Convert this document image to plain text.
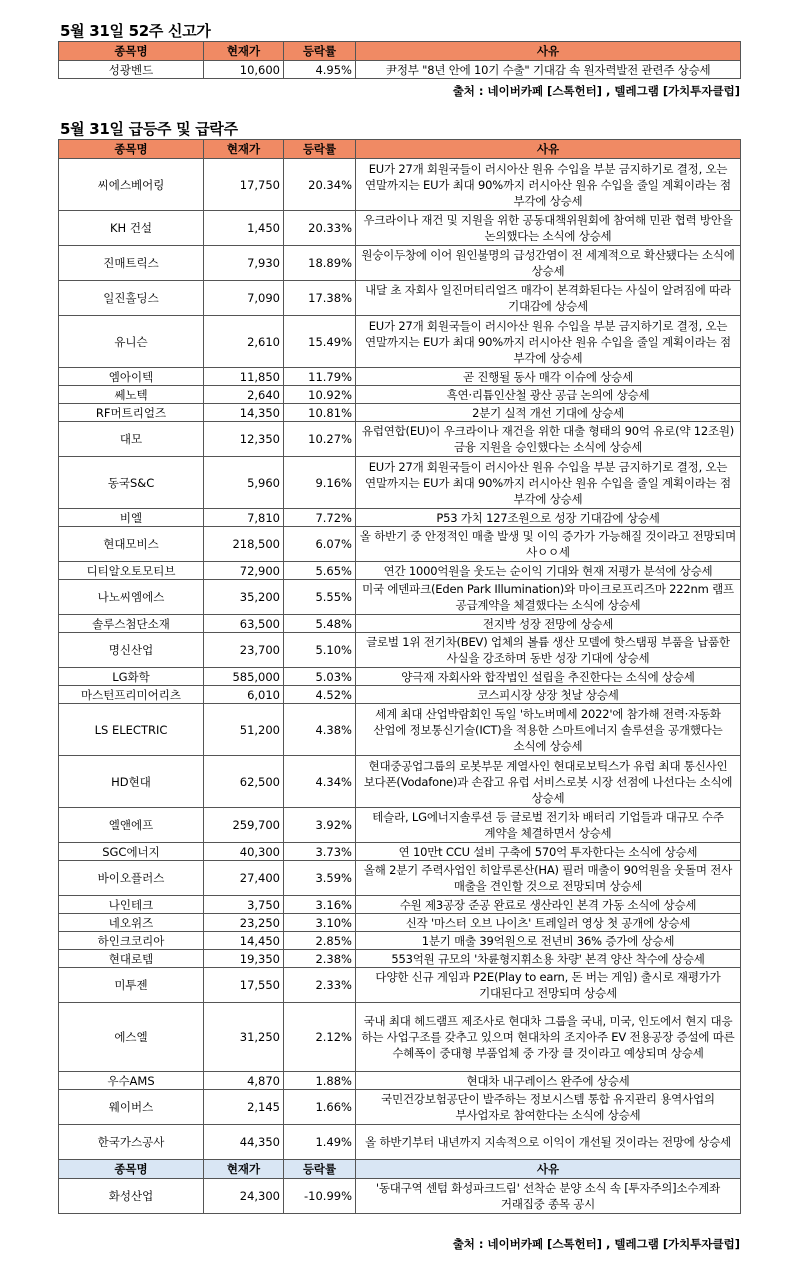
5월 31일 52주 신고가
종목명	현재가	등락률	사유
성광벤드	10,600	4.95%	尹정부 "8년 안에 10기 수출" 기대감 속 원자력발전 관련주 상승세
출처 : 네이버카페 [스톡헌터] , 텔레그램 [가치투자클럽]
5월 31일 급등주 및 급락주
종목명	현재가	등락률	사유
씨에스베어링	17,750	20.34%	EU가 27개 회원국들이 러시아산 원유 수입을 부분 금지하기로 결정, 오는 연말까지는 EU가 최대 90%까지 러시아산 원유 수입을 줄일 계획이라는 점 부각에 상승세
KH 건설	1,450	20.33%	우크라이나 재건 및 지원을 위한 공동대책위원회에 참여해 민관 협력 방안을 논의했다는 소식에 상승세
진매트릭스	7,930	18.89%	원숭이두창에 이어 원인불명의 급성간염이 전 세계적으로 확산됐다는 소식에 상승세
일진홀딩스	7,090	17.38%	내달 초 자회사 일진머티리얼즈 매각이 본격화된다는 사실이 알려짐에 따라 기대감에 상승세
유니슨	2,610	15.49%	EU가 27개 회원국들이 러시아산 원유 수입을 부분 금지하기로 결정, 오는 연말까지는 EU가 최대 90%까지 러시아산 원유 수입을 줄일 계획이라는 점 부각에 상승세
엠아이텍	11,850	11.79%	곧 진행될 동사 매각 이슈에 상승세
쎄노텍	2,640	10.92%	흑연·리튬인산철 광산 공급 논의에 상승세
RF머트리얼즈	14,350	10.81%	2분기 실적 개선 기대에 상승세
대모	12,350	10.27%	유럽연합(EU)이 우크라이나 재건을 위한 대출 형태의 90억 유로(약 12조원) 금융 지원을 승인했다는 소식에 상승세
동국S&C	5,960	9.16%	EU가 27개 회원국들이 러시아산 원유 수입을 부분 금지하기로 결정, 오는 연말까지는 EU가 최대 90%까지 러시아산 원유 수입을 줄일 계획이라는 점 부각에 상승세
비엘	7,810	7.72%	P53 가치 127조원으로 성장 기대감에 상승세
현대모비스	218,500	6.07%	올 하반기 중 안정적인 매출 발생 및 이익 증가가 가능해질 것이라고 전망되며 사ㅇㅇ세
디티알오토모티브	72,900	5.65%	연간 1000억원을 웃도는 순이익 기대와 현재 저평가 분석에 상승세
나노씨엠에스	35,200	5.55%	미국 에덴파크(Eden Park Illumination)와 마이크로프리즈마 222nm 램프 공급계약을 체결했다는 소식에 상승세
솔루스첨단소재	63,500	5.48%	전지박 성장 전망에 상승세
명신산업	23,700	5.10%	글로벌 1위 전기차(BEV) 업체의 볼륨 생산 모델에 핫스탬핑 부품을 납품한 사실을 강조하며 동반 성장 기대에 상승세
LG화학	585,000	5.03%	양극재 자회사와 합작법인 설립을 추진한다는 소식에 상승세
마스턴프리미어리츠	6,010	4.52%	코스피시장 상장 첫날 상승세
LS ELECTRIC	51,200	4.38%	세계 최대 산업박람회인 독일 '하노버메세 2022'에 참가해 전력·자동화 산업에 정보통신기술(ICT)을 적용한 스마트에너지 솔루션을 공개했다는 소식에 상승세
HD현대	62,500	4.34%	현대중공업그룹의 로봇부문 계열사인 현대로보틱스가 유럽 최대 통신사인 보다폰(Vodafone)과 손잡고 유럽 서비스로봇 시장 선점에 나선다는 소식에 상승세
엘앤에프	259,700	3.92%	테슬라, LG에너지솔루션 등 글로벌 전기차 배터리 기업들과 대규모 수주 계약을 체결하면서 상승세
SGC에너지	40,300	3.73%	연 10만t CCU 설비 구축에 570억 투자한다는 소식에 상승세
바이오플러스	27,400	3.59%	올해 2분기 주력사업인 히알루론산(HA) 필러 매출이 90억원을 웃돌며 전사 매출을 견인할 것으로 전망되며 상승세
나인테크	3,750	3.16%	수원 제3공장 준공 완료로 생산라인 본격 가동 소식에 상승세
네오위즈	23,250	3.10%	신작 '마스터 오브 나이츠' 트레일러 영상 첫 공개에 상승세
하인크코리아	14,450	2.85%	1분기 매출 39억원으로 전년비 36% 증가에 상승세
현대로템	19,350	2.38%	553억원 규모의 '차륜형지휘소용 차량' 본격 양산 착수에 상승세
미투젠	17,550	2.33%	다양한 신규 게임과 P2E(Play to earn, 돈 버는 게임) 출시로 재평가가 기대된다고 전망되며 상승세
에스엘	31,250	2.12%	국내 최대 헤드램프 제조사로 현대차 그룹을 국내, 미국, 인도에서 현지 대응 하는 사업구조를 갖추고 있으며 현대차의 조지아주 EV 전용공장 증설에 따른 수혜폭이 중대형 부품업체 중 가장 클 것이라고 예상되며 상승세
우수AMS	4,870	1.88%	현대차 내구레이스 완주에 상승세
웨이버스	2,145	1.66%	국민건강보험공단이 발주하는 정보시스템 통합 유지관리 용역사업의 부사업자로 참여한다는 소식에 상승세
한국가스공사	44,350	1.49%	올 하반기부터 내년까지 지속적으로 이익이 개선될 것이라는 전망에 상승세
종목명	현재가	등락률	사유
화성산업	24,300	-10.99%	'동대구역 센텀 화성파크드림' 선착순 분양 소식 속 [투자주의]소수계좌 거래집중 종목 공시
출처 : 네이버카페 [스톡헌터] , 텔레그램 [가치투자클럽]
